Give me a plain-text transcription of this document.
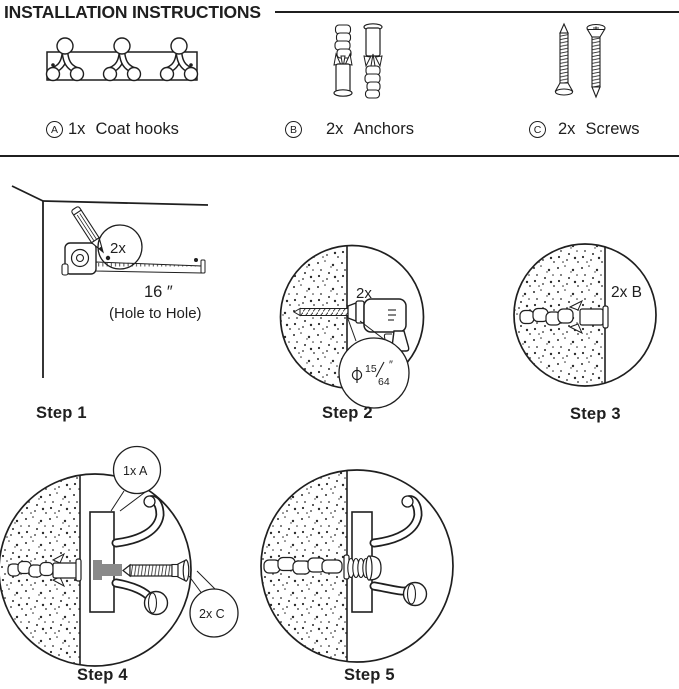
INSTALLATION INSTRUCTIONS
A 1x Coat hooks	B	2x Anchors	C 2x Screws
2x
16 ″
(Hole to Hole)
Step 1
2x
15
64
″
Step 2
2x B
Step 3
1x A
2x C
Step 4	Step 5
